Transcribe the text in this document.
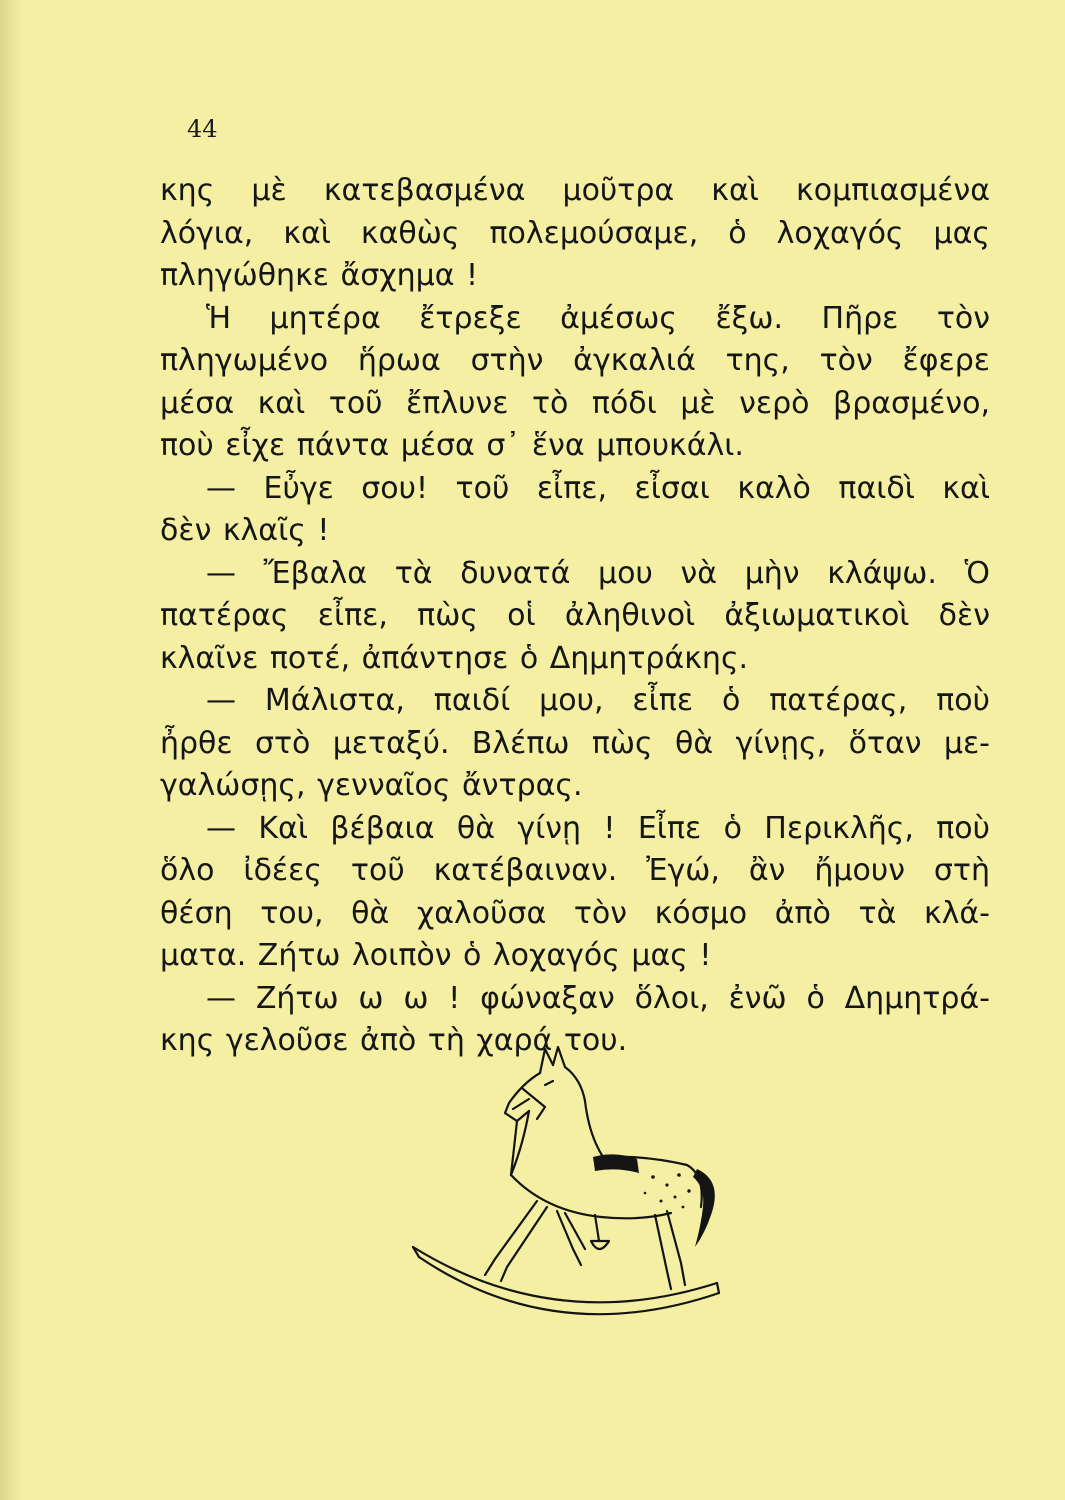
44
κης μὲ κατεβασμένα μοῦτρα καὶ κομπιασμένα
λόγια, καὶ καθὼς πολεμούσαμε, ὁ λοχαγός μας
πληγώθηκε ἄσχημα !
Ἡ μητέρα ἔτρεξε ἀμέσως ἔξω. Πῆρε τὸν
πληγωμένο ἥρωα στὴν ἀγκαλιά της, τὸν ἔφερε
μέσα καὶ τοῦ ἔπλυνε τὸ πόδι μὲ νερὸ βρασμένο,
ποὺ εἶχε πάντα μέσα σ᾽ ἕνα μπουκάλι.
— Εὖγε σου! τοῦ εἶπε, εἶσαι καλὸ παιδὶ καὶ
δὲν κλαῖς !
— Ἔβαλα τὰ δυνατά μου νὰ μὴν κλάψω. Ὁ
πατέρας εἶπε, πὼς οἱ ἀληθινοὶ ἀξιωματικοὶ δὲν
κλαῖνε ποτέ, ἀπάντησε ὁ Δημητράκης.
— Μάλιστα, παιδί μου, εἶπε ὁ πατέρας, ποὺ
ἦρθε στὸ μεταξύ. Βλέπω πὼς θὰ γίνῃς, ὅταν με-
γαλώσῃς, γενναῖος ἄντρας.
— Καὶ βέβαια θὰ γίνῃ ! Εἶπε ὁ Περικλῆς, ποὺ
ὅλο ἰδέες τοῦ κατέβαιναν. Ἐγώ, ἂν ἤμουν στὴ
θέση του, θὰ χαλοῦσα τὸν κόσμο ἀπὸ τὰ κλά-
ματα. Ζήτω λοιπὸν ὁ λοχαγός μας !
— Ζήτω ω ω ! φώναξαν ὅλοι, ἐνῶ ὁ Δημητρά-
κης γελοῦσε ἀπὸ τὴ χαρά του.
